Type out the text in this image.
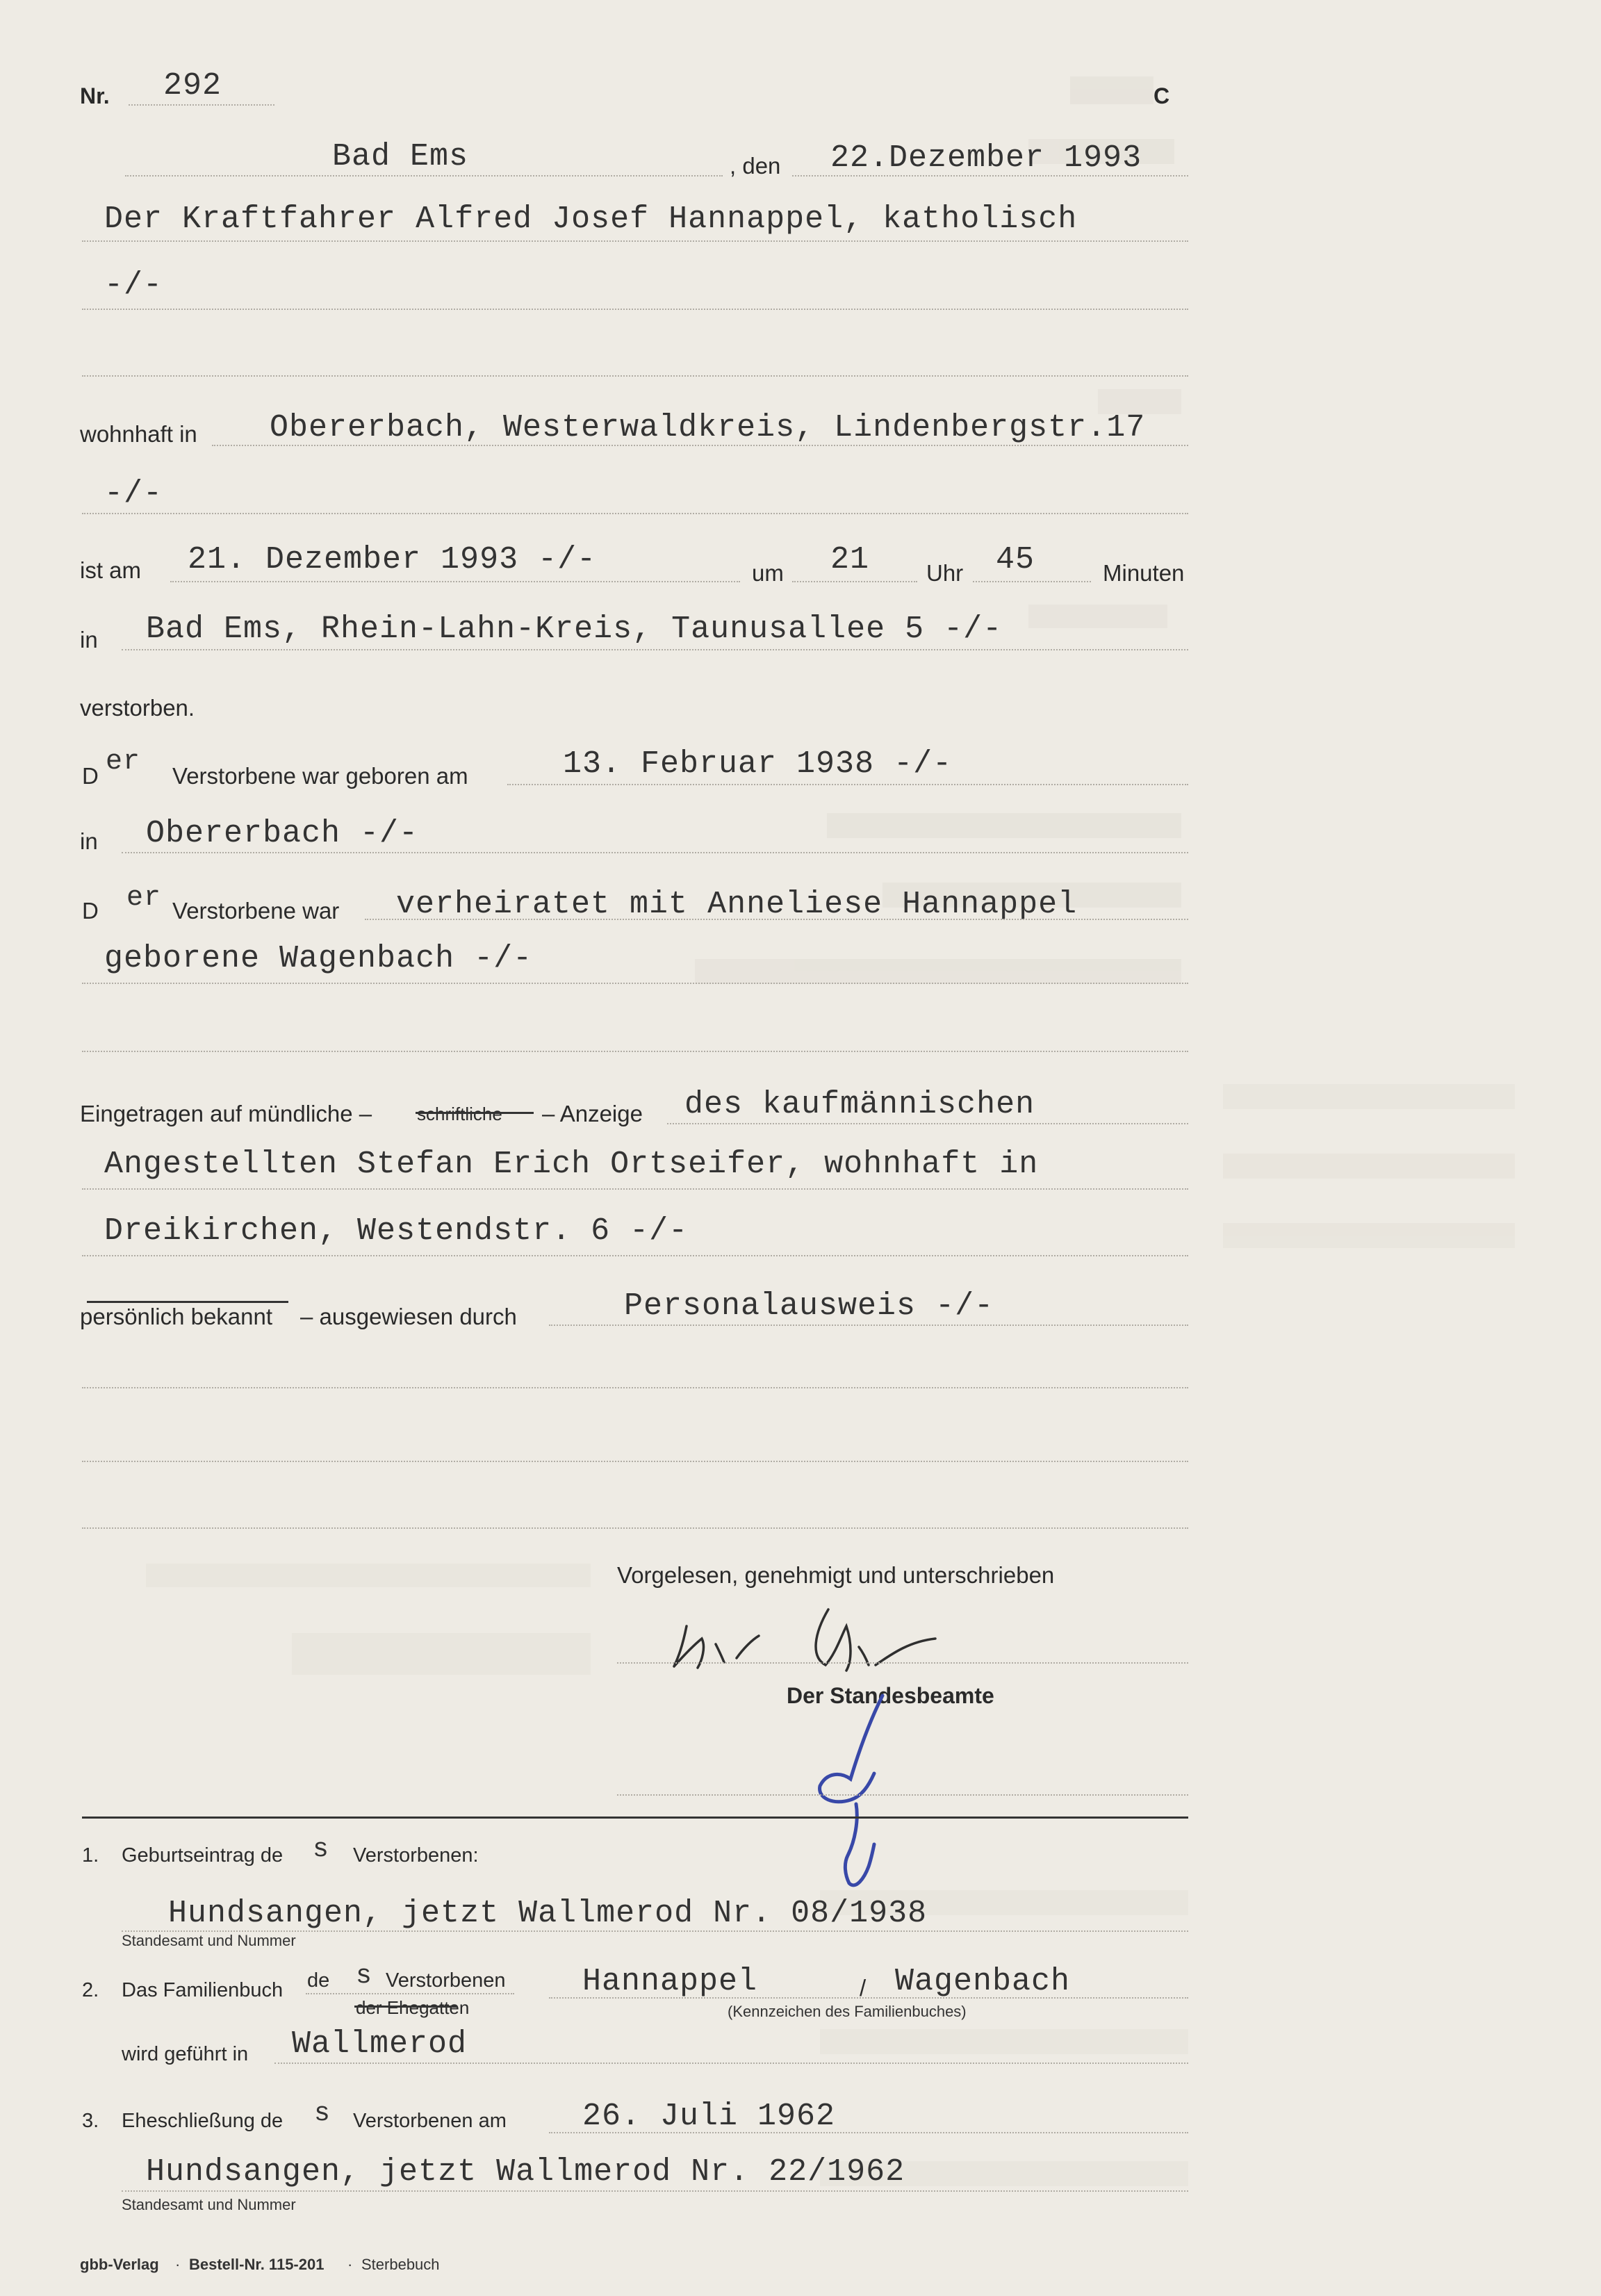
Nr. 292	C
Bad Ems	, den 22.Dezember 1993
Der Kraftfahrer Alfred Josef Hannappel, katholisch
-/-
wohnhaft in Obererbach, Westerwaldkreis, Lindenbergstr.17
-/-
ist am 21. Dezember 1993 -/-	um 21 Uhr 45	Minuten
in Bad Ems, Rhein-Lahn-Kreis, Taunusallee 5 -/-
verstorben.
D er Verstorbene war geboren am	13. Februar 1938 -/-
in Obererbach -/-
D er Verstorbene war verheiratet mit Anneliese Hannappel
geborene Wagenbach -/-
Eingetragen auf mündliche – schriftliche – Anzeige des kaufmännischen
Angestellten Stefan Erich Ortseifer, wohnhaft in
Dreikirchen, Westendstr. 6 -/-
persönlich bekannt – ausgewiesen durch	Personalausweis -/-
Vorgelesen, genehmigt und unterschrieben
Der Standesbeamte
1. Geburtseintrag de s Verstorbenen:
Hundsangen, jetzt Wallmerod Nr. 08/1938
Standesamt und Nummer
2. Das Familienbuch de s Verstorbenen
der Ehegatten
Hannappel	/ Wagenbach
(Kennzeichen des Familienbuches)
wird geführt in Wallmerod
3. Eheschließung de s Verstorbenen am 26. Juli 1962
Hundsangen, jetzt Wallmerod Nr. 22/1962
Standesamt und Nummer
gbb-Verlag · Bestell-Nr. 115-201 · Sterbebuch
